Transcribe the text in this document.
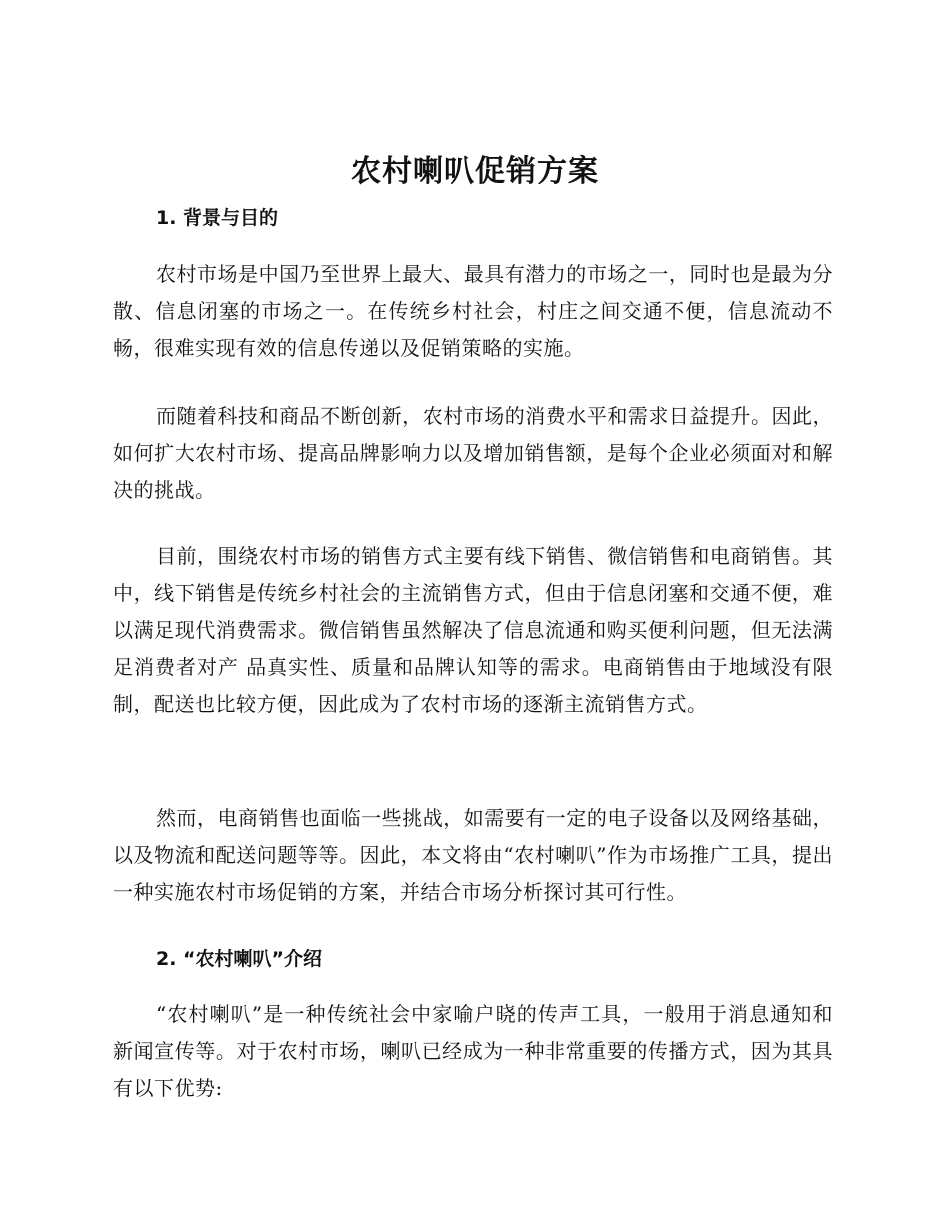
农村喇叭促销方案
1. 背景与目的

农村市场是中国乃至世界上最大、最具有潜力的市场之一，同时也是最为分散、信息闭塞的市场之一。在传统乡村社会，村庄之间交通不便，信息流动不畅，很难实现有效的信息传递以及促销策略的实施。

而随着科技和商品不断创新，农村市场的消费水平和需求日益提升。因此，如何扩大农村市场、提高品牌影响力以及增加销售额，是每个企业必须面对和解决的挑战。

目前，围绕农村市场的销售方式主要有线下销售、微信销售和电商销售。其中，线下销售是传统乡村社会的主流销售方式，但由于信息闭塞和交通不便，难以满足现代消费需求。微信销售虽然解决了信息流通和购买便利问题，但无法满足消费者对产 品真实性、质量和品牌认知等的需求。电商销售由于地域没有限制，配送也比较方便，因此成为了农村市场的逐渐主流销售方式。

然而，电商销售也面临一些挑战，如需要有一定的电子设备以及网络基础，以及物流和配送问题等等。因此，本文将由“农村喇叭”作为市场推广工具，提出一种实施农村市场促销的方案，并结合市场分析探讨其可行性。

2. “农村喇叭”介绍

“农村喇叭”是一种传统社会中家喻户晓的传声工具，一般用于消息通知和新闻宣传等。对于农村市场，喇叭已经成为一种非常重要的传播方式，因为其具有以下优势:
